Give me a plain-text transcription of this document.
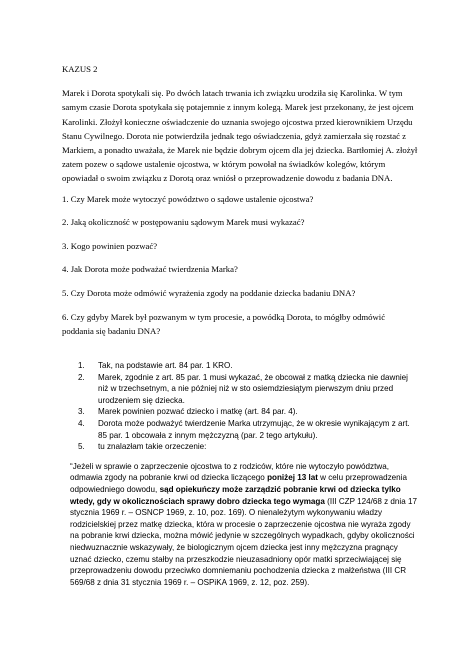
KAZUS 2

Marek i Dorota spotykali się. Po dwóch latach trwania ich związku urodziła się Karolinka. W tym samym czasie Dorota spotykała się potajemnie z innym kolegą. Marek jest przekonany, że jest ojcem Karolinki. Złożył konieczne oświadczenie do uznania swojego ojcostwa przed kierownikiem Urzędu Stanu Cywilnego. Dorota nie potwierdziła jednak tego oświadczenia, gdyż zamierzała się rozstać z Markiem, a ponadto uważała, że Marek nie będzie dobrym ojcem dla jej dziecka. Bartłomiej A. złożył zatem pozew o sądowe ustalenie ojcostwa, w którym powołał na świadków kolegów, którym opowiadał o swoim związku z Dorotą oraz wniósł o przeprowadzenie dowodu z badania DNA.

1. Czy Marek może wytoczyć powództwo o sądowe ustalenie ojcostwa?

2. Jaką okoliczność w postępowaniu sądowym Marek musi wykazać?

3. Kogo powinien pozwać?

4. Jak Dorota może podważać twierdzenia Marka?

5. Czy Dorota może odmówić wyrażenia zgody na poddanie dziecka badaniu DNA?

6. Czy gdyby Marek był pozwanym w tym procesie, a powódką Dorota, to mógłby odmówić poddania się badaniu DNA?

1. Tak, na podstawie art. 84 par. 1 KRO.
2. Marek, zgodnie z art. 85 par. 1 musi wykazać, że obcował z matką dziecka nie dawniej niż w trzechsetnym, a nie później niż w sto osiemdziesiątym pierwszym dniu przed urodzeniem się dziecka.
3. Marek powinien pozwać dziecko i matkę (art. 84 par. 4).
4. Dorota może podważyć twierdzenie Marka utrzymując, że w okresie wynikającym z art. 85 par. 1 obcowała z innym mężczyzną (par. 2 tego artykułu).
5. tu znalazłam takie orzeczenie:

“Jeżeli w sprawie o zaprzeczenie ojcostwa to z rodziców, które nie wytoczyło powództwa, odmawia zgody na pobranie krwi od dziecka liczącego poniżej 13 lat w celu przeprowadzenia odpowiedniego dowodu, sąd opiekuńczy może zarządzić pobranie krwi od dziecka tylko wtedy, gdy w okolicznościach sprawy dobro dziecka tego wymaga (III CZP 124/68 z dnia 17 stycznia 1969 r. – OSNCP 1969, z. 10, poz. 169). O nienależytym wykonywaniu władzy rodzicielskiej przez matkę dziecka, która w procesie o zaprzeczenie ojcostwa nie wyraża zgody na pobranie krwi dziecka, można mówić jedynie w szczególnych wypadkach, gdyby okoliczności niedwuznacznie wskazywały, że biologicznym ojcem dziecka jest inny mężczyzna pragnący uznać dziecko, czemu stałby na przeszkodzie nieuzasadniony opór matki sprzeciwiającej się przeprowadzeniu dowodu przeciwko domniemaniu pochodzenia dziecka z małżeństwa (III CR 569/68 z dnia 31 stycznia 1969 r. – OSPiKA 1969, z. 12, poz. 259).
